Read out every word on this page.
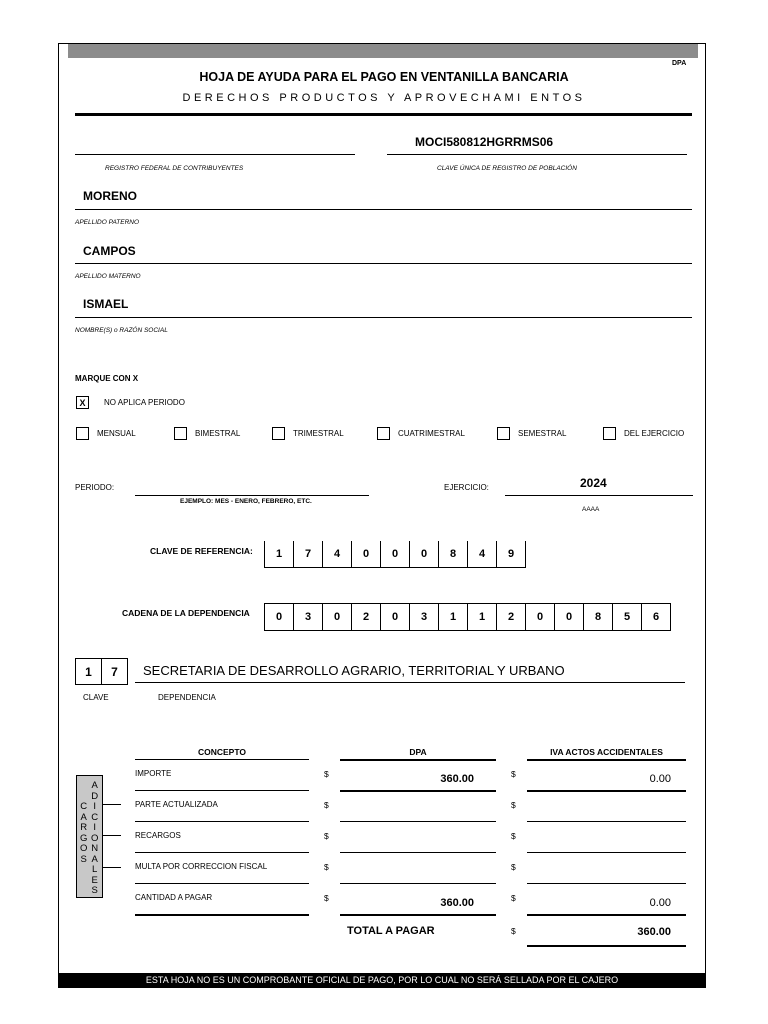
DPA
HOJA DE AYUDA PARA EL PAGO EN VENTANILLA BANCARIA
DERECHOS PRODUCTOS Y APROVECHAMI ENTOS
REGISTRO FEDERAL DE CONTRIBUYENTES
MOCI580812HGRRMS06
CLAVE ÚNICA DE REGISTRO DE POBLACIÓN
MORENO
APELLIDO PATERNO
CAMPOS
APELLIDO MATERNO
ISMAEL
NOMBRE(S) o RAZÓN SOCIAL
MARQUE CON X
X	NO APLICA PERIODO
MENSUAL	BIMESTRAL	TRIMESTRAL	CUATRIMESTRAL	SEMESTRAL	DEL EJERCICIO
PERIODO:
EJEMPLO: MES - ENERO, FEBRERO, ETC.
EJERCICIO:	2024
AAAA
CLAVE DE REFERENCIA:	1	7	4	0	0	0	8	4	9
CADENA DE LA DEPENDENCIA	0	3	0	2	0	3	1	1	2	0	0	8	5	6
1	7	SECRETARIA DE DESARROLLO AGRARIO, TERRITORIAL Y URBANO
CLAVE	DEPENDENCIA
CONCEPTO	DPA	IVA ACTOS ACCIDENTALES
C
A
R
G
O
S
A
D
I
C
I
O
N
A
L
E
S
IMPORTE	$	360.00	$	0.00
PARTE ACTUALIZADA	$	$
RECARGOS	$	$
MULTA POR CORRECCION FISCAL	$	$
CANTIDAD A PAGAR	$	360.00	$	0.00
TOTAL A PAGAR	$	360.00
ESTA HOJA NO ES UN COMPROBANTE OFICIAL DE PAGO, POR LO CUAL NO SERÁ SELLADA POR EL CAJERO
